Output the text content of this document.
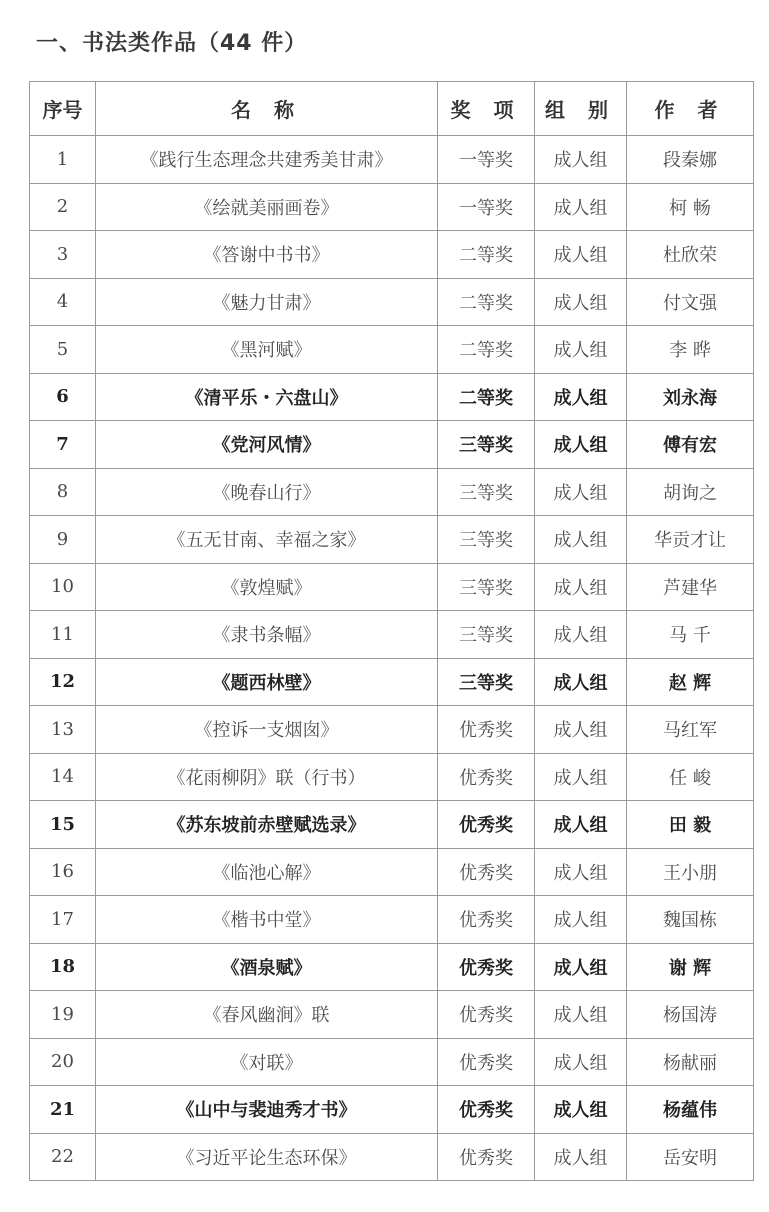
一、书法类作品（44 件）
序号	名 称	奖 项	组 别	作 者
1	《践行生态理念共建秀美甘肃》	一等奖	成人组	段秦娜
2	《绘就美丽画卷》	一等奖	成人组	柯 畅
3	《答谢中书书》	二等奖	成人组	杜欣荣
4	《魅力甘肃》	二等奖	成人组	付文强
5	《黑河赋》	二等奖	成人组	李 晔
6	《清平乐・六盘山》	二等奖	成人组	刘永海
7	《党河风情》	三等奖	成人组	傅有宏
8	《晚春山行》	三等奖	成人组	胡询之
9	《五无甘南、幸福之家》	三等奖	成人组	华贡才让
10	《敦煌赋》	三等奖	成人组	芦建华
11	《隶书条幅》	三等奖	成人组	马 千
12	《题西林壁》	三等奖	成人组	赵 辉
13	《控诉一支烟囱》	优秀奖	成人组	马红军
14	《花雨柳阴》联（行书）	优秀奖	成人组	任 峻
15	《苏东坡前赤壁赋选录》	优秀奖	成人组	田 毅
16	《临池心解》	优秀奖	成人组	王小朋
17	《楷书中堂》	优秀奖	成人组	魏国栋
18	《酒泉赋》	优秀奖	成人组	谢 辉
19	《春风幽涧》联	优秀奖	成人组	杨国涛
20	《对联》	优秀奖	成人组	杨献丽
21	《山中与裴迪秀才书》	优秀奖	成人组	杨蕴伟
22	《习近平论生态环保》	优秀奖	成人组	岳安明
